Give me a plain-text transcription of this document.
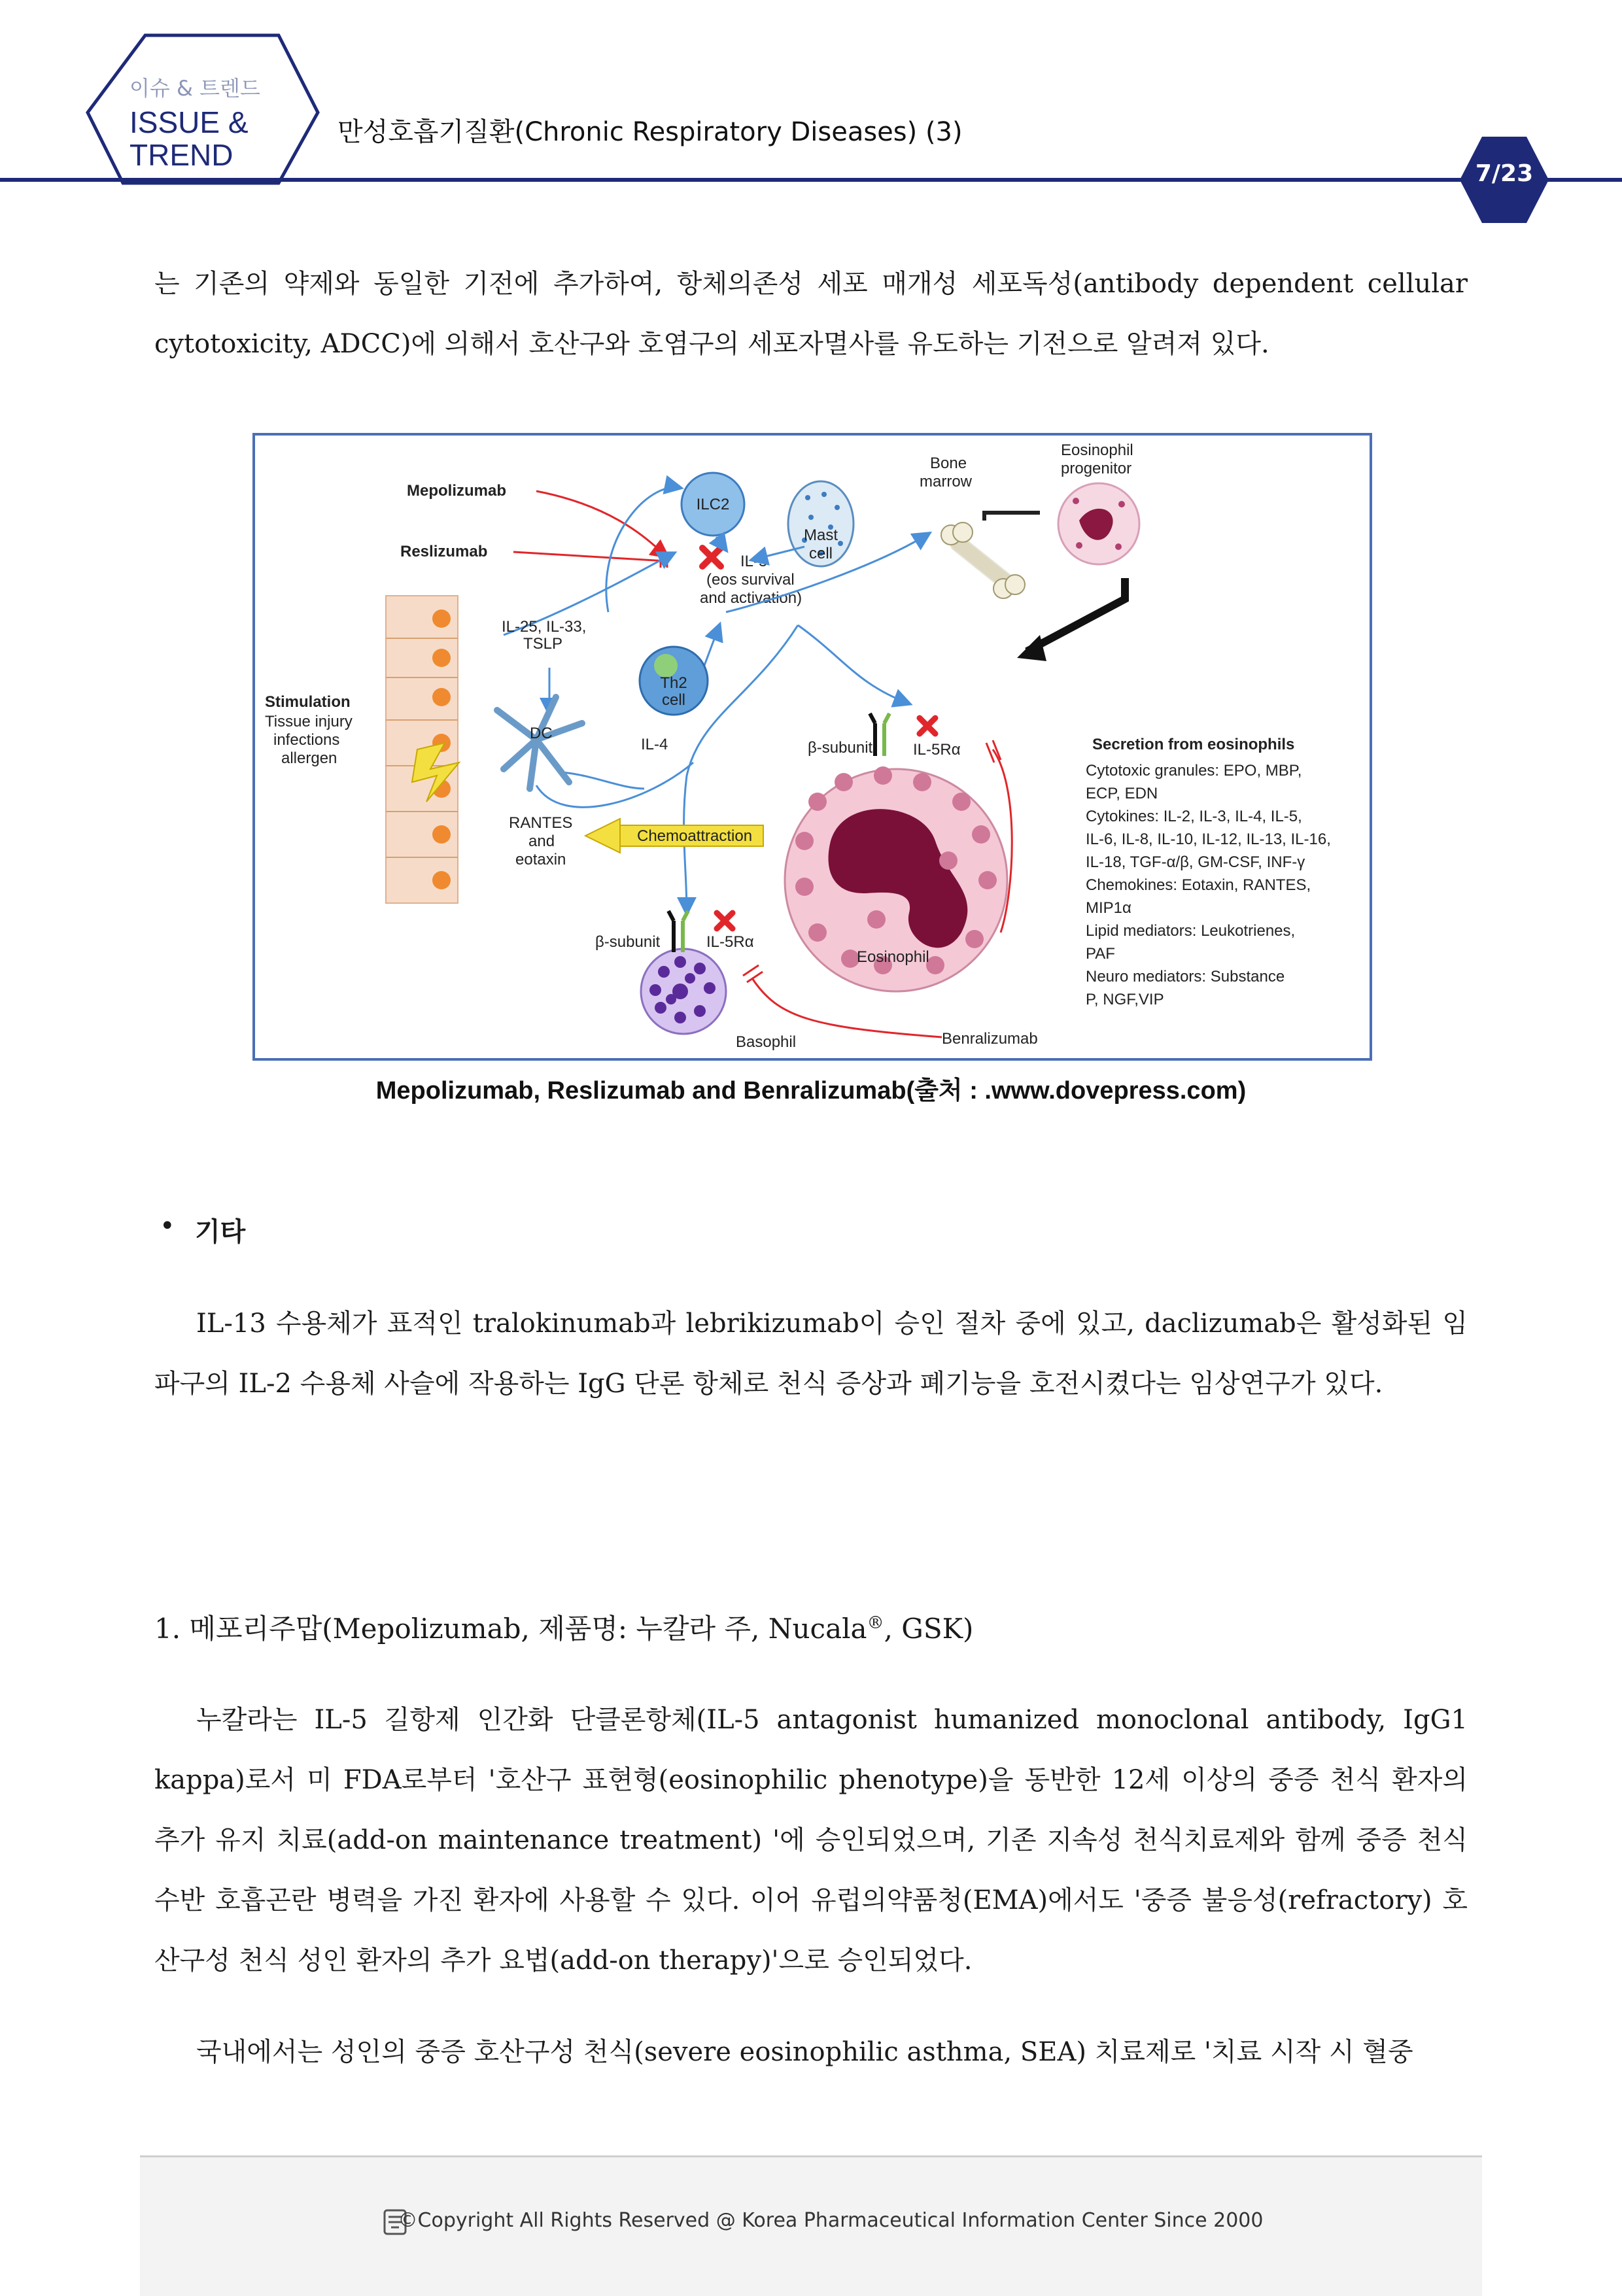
이슈 & 트렌드
ISSUE &
TREND
만성호흡기질환(Chronic Respiratory Diseases) (3)
7/23
는 기존의 약제와 동일한 기전에 추가하여, 항체의존성 세포 매개성 세포독성(antibody dependent cellular cytotoxicity, ADCC)에 의해서 호산구와 호염구의 세포자멸사를 유도하는 기전으로 알려져 있다.
ILC2
Mast
cell
Mepolizumab
Reslizumab
IL-5
(eos survival
and activation)
IL-25, IL-33,
TSLP
Th2
cell
DC
IL-4
Stimulation
Tissue injury
infections
allergen
RANTES
and
eotaxin
Chemoattraction
Bone
marrow
Eosinophil
progenitor
Eosinophil
β-subunit	IL-5Rα
Basophil
β-subunit	IL-5Rα
Benralizumab
Secretion from eosinophils
Cytotoxic granules: EPO, MBP,
ECP, EDN
Cytokines: IL-2, IL-3, IL-4, IL-5,
IL-6, IL-8, IL-10, IL-12, IL-13, IL-16,
IL-18, TGF-α/β, GM-CSF, INF-γ
Chemokines: Eotaxin, RANTES,
MIP1α
Lipid mediators: Leukotrienes,
PAF
Neuro mediators: Substance
P, NGF,VIP
Mepolizumab, Reslizumab and Benralizumab(출처 : .www.dovepress.com)
• 기타
IL-13 수용체가 표적인 tralokinumab과 lebrikizumab이 승인 절차 중에 있고, daclizumab은 활성화된 임파구의 IL-2 수용체 사슬에 작용하는 IgG 단론 항체로 천식 증상과 폐기능을 호전시켰다는 임상연구가 있다.
1. 메포리주맙(Mepolizumab, 제품명: 누칼라 주, Nucala®, GSK)
누칼라는 IL-5 길항제 인간화 단클론항체(IL-5 antagonist humanized monoclonal antibody, IgG1 kappa)로서 미 FDA로부터 '호산구 표현형(eosinophilic phenotype)을 동반한 12세 이상의 중증 천식 환자의 추가 유지 치료(add-on maintenance treatment) '에 승인되었으며, 기존 지속성 천식치료제와 함께 중증 천식 수반 호흡곤란 병력을 가진 환자에 사용할 수 있다. 이어 유럽의약품청(EMA)에서도 '중증 불응성(refractory) 호산구성 천식 성인 환자의 추가 요법(add-on therapy)'으로 승인되었다.
국내에서는 성인의 중증 호산구성 천식(severe eosinophilic asthma, SEA) 치료제로 '치료 시작 시 혈중
©Copyright All Rights Reserved @ Korea Pharmaceutical Information Center Since 2000
